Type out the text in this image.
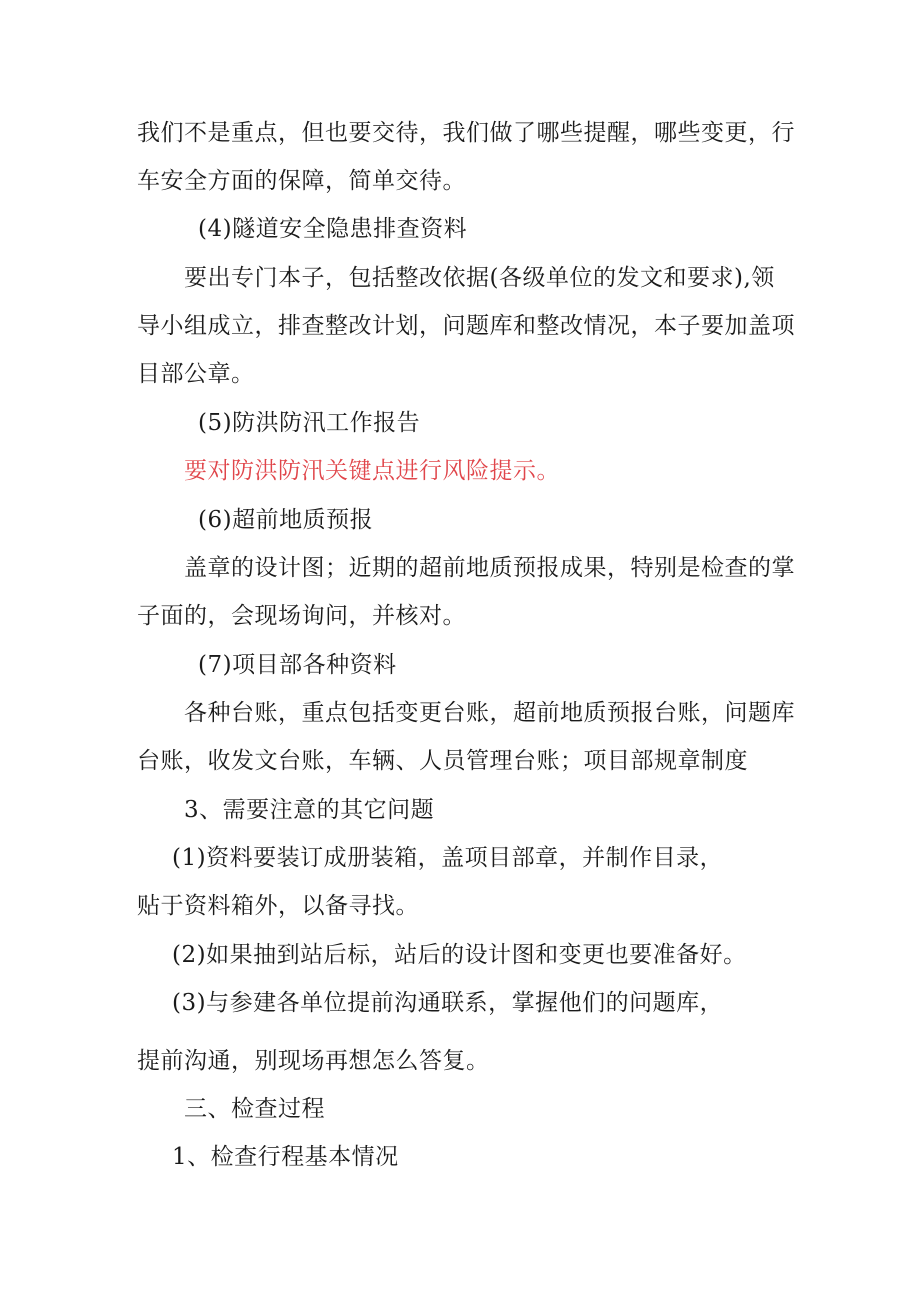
我们不是重点，但也要交待，我们做了哪些提醒，哪些变更，行
车安全方面的保障，简单交待。
(4)隧道安全隐患排查资料
要出专门本子，包括整改依据(各级单位的发文和要求),领
导小组成立，排查整改计划，问题库和整改情况，本子要加盖项
目部公章。
(5)防洪防汛工作报告
要对防洪防汛关键点进行风险提示。
(6)超前地质预报
盖章的设计图；近期的超前地质预报成果，特别是检查的掌
子面的，会现场询问，并核对。
(7)项目部各种资料
各种台账，重点包括变更台账，超前地质预报台账，问题库
台账，收发文台账，车辆、人员管理台账；项目部规章制度
3、需要注意的其它问题
(1)资料要装订成册装箱，盖项目部章，并制作目录，
贴于资料箱外，以备寻找。
(2)如果抽到站后标，站后的设计图和变更也要准备好。
(3)与参建各单位提前沟通联系，掌握他们的问题库，
提前沟通，别现场再想怎么答复。
三、检查过程
1、检查行程基本情况
